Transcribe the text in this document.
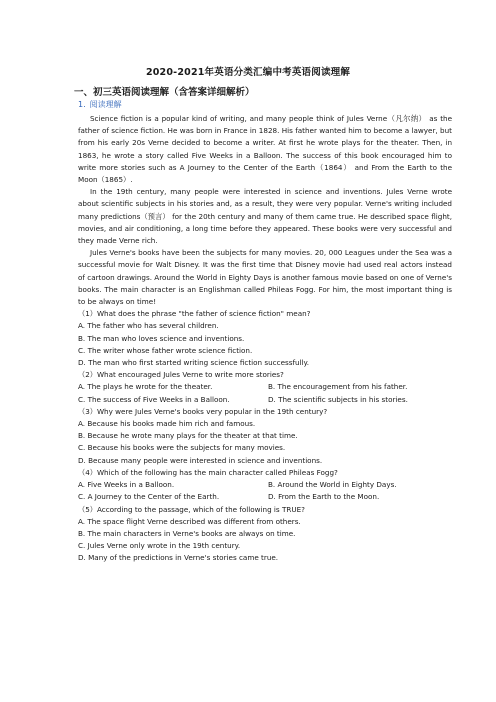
2020-2021年英语分类汇编中考英语阅读理解
一、初三英语阅读理解（含答案详细解析）
1. 阅读理解

Science fiction is a popular kind of writing, and many people think of Jules Verne（凡尔纳） as the father of science fiction. He was born in France in 1828. His father wanted him to become a lawyer, but from his early 20s Verne decided to become a writer. At first he wrote plays for the theater. Then, in 1863, he wrote a story called Five Weeks in a Balloon. The success of this book encouraged him to write more stories such as A Journey to the Center of the Earth（1864） and From the Earth to the Moon（1865）.

In the 19th century, many people were interested in science and inventions. Jules Verne wrote about scientific subjects in his stories and, as a result, they were very popular. Verne's writing included many predictions（预言） for the 20th century and many of them came true. He described space flight, movies, and air conditioning, a long time before they appeared. These books were very successful and they made Verne rich.

Jules Verne's books have been the subjects for many movies. 20, 000 Leagues under the Sea was a successful movie for Walt Disney. It was the first time that Disney movie had used real actors instead of cartoon drawings. Around the World in Eighty Days is another famous movie based on one of Verne's books. The main character is an Englishman called Phileas Fogg. For him, the most important thing is to be always on time!

（1）What does the phrase "the father of science fiction" mean?

A. The father who has several children.

B. The man who loves science and inventions.

C. The writer whose father wrote science fiction.

D. The man who first started writing science fiction successfully.

（2）What encouraged Jules Verne to write more stories?

A. The plays he wrote for the theater.	B. The encouragement from his father.
C. The success of Five Weeks in a Balloon.	D. The scientific subjects in his stories.

（3）Why were Jules Verne's books very popular in the 19th century?

A. Because his books made him rich and famous.

B. Because he wrote many plays for the theater at that time.

C. Because his books were the subjects for many movies.

D. Because many people were interested in science and inventions.

（4）Which of the following has the main character called Phileas Fogg?

A. Five Weeks in a Balloon.	B. Around the World in Eighty Days.
C. A Journey to the Center of the Earth.	D. From the Earth to the Moon.

（5）According to the passage, which of the following is TRUE?

A. The space flight Verne described was different from others.

B. The main characters in Verne's books are always on time.

C. Jules Verne only wrote in the 19th century.

D. Many of the predictions in Verne's stories came true.
